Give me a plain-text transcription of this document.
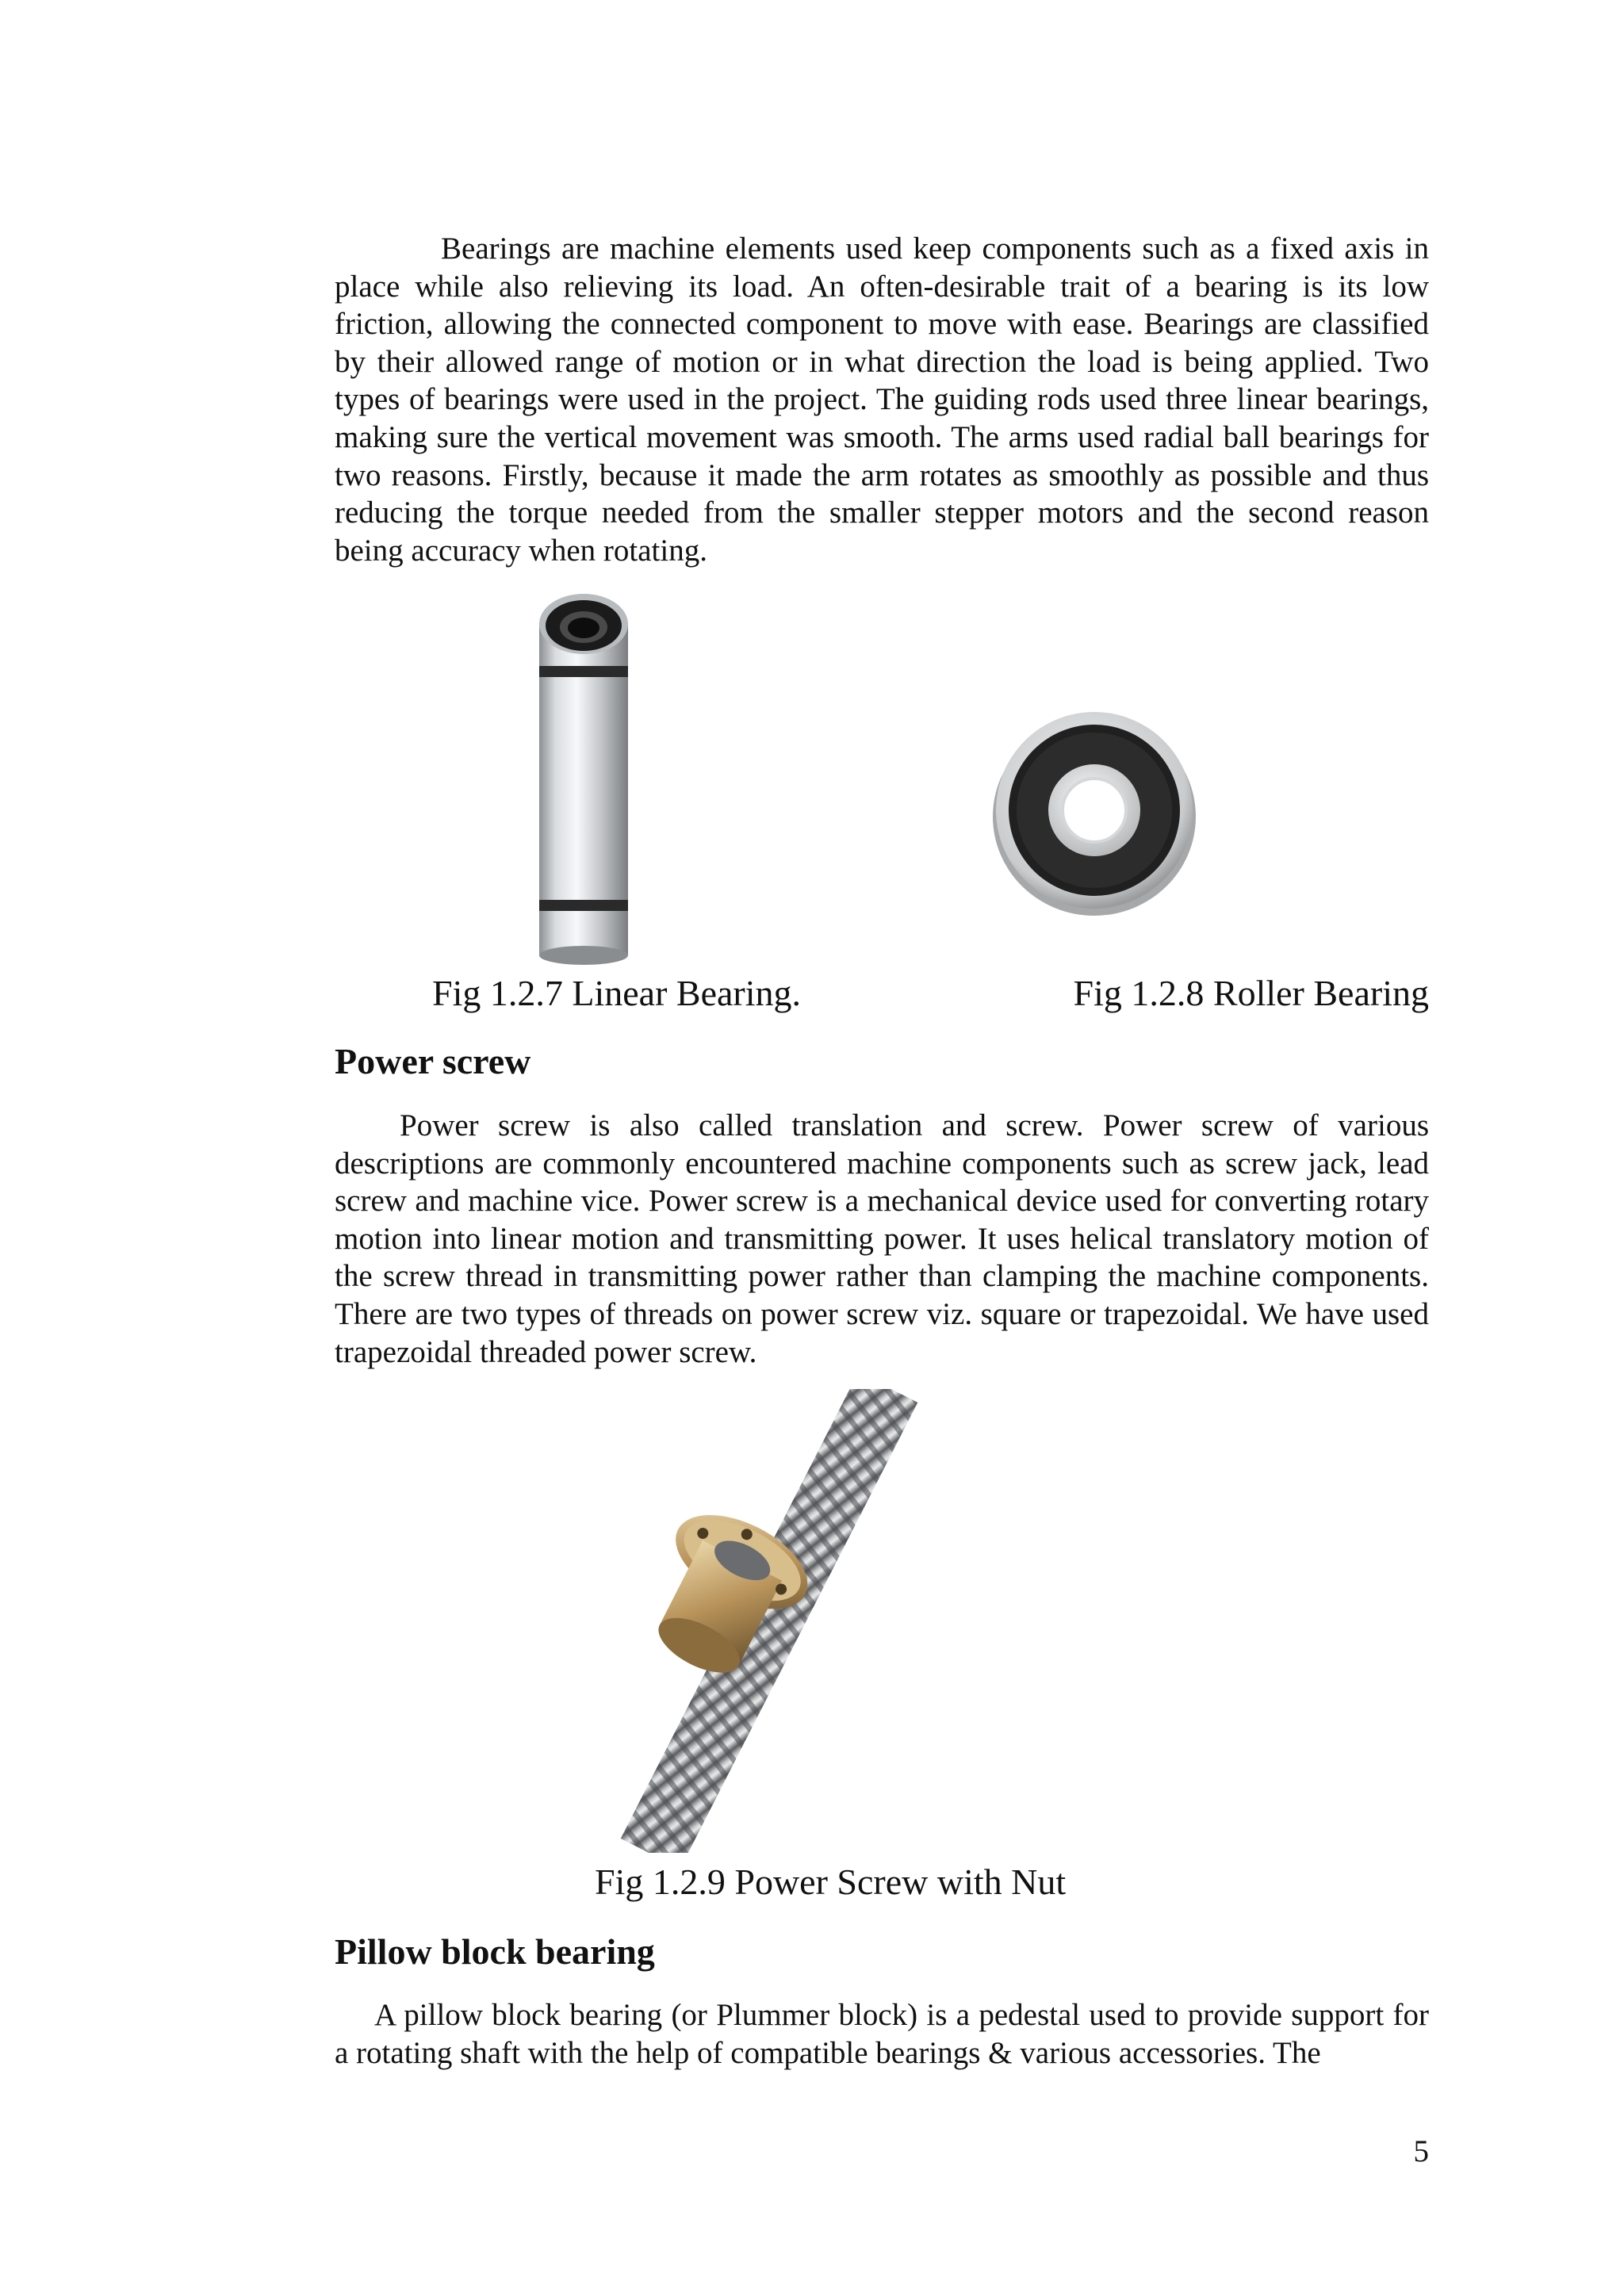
Bearings are machine elements used keep components such as a fixed axis in place while also relieving its load. An often-desirable trait of a bearing is its low friction, allowing the connected component to move with ease. Bearings are classified by their allowed range of motion or in what direction the load is being applied. Two types of bearings were used in the project. The guiding rods used three linear bearings, making sure the vertical movement was smooth. The arms used radial ball bearings for two reasons. Firstly, because it made the arm rotates as smoothly as possible and thus reducing the torque needed from the smaller stepper motors and the second reason being accuracy when rotating.

Fig 1.2.7 Linear Bearing.	Fig 1.2.8 Roller Bearing

Power screw

Power screw is also called translation and screw. Power screw of various descriptions are commonly encountered machine components such as screw jack, lead screw and machine vice. Power screw is a mechanical device used for converting rotary motion into linear motion and transmitting power. It uses helical translatory motion of the screw thread in transmitting power rather than clamping the machine components. There are two types of threads on power screw viz. square or trapezoidal. We have used trapezoidal threaded power screw.

Fig 1.2.9 Power Screw with Nut

Pillow block bearing

A pillow block bearing (or Plummer block) is a pedestal used to provide support for a rotating shaft with the help of compatible bearings & various accessories. The

5
